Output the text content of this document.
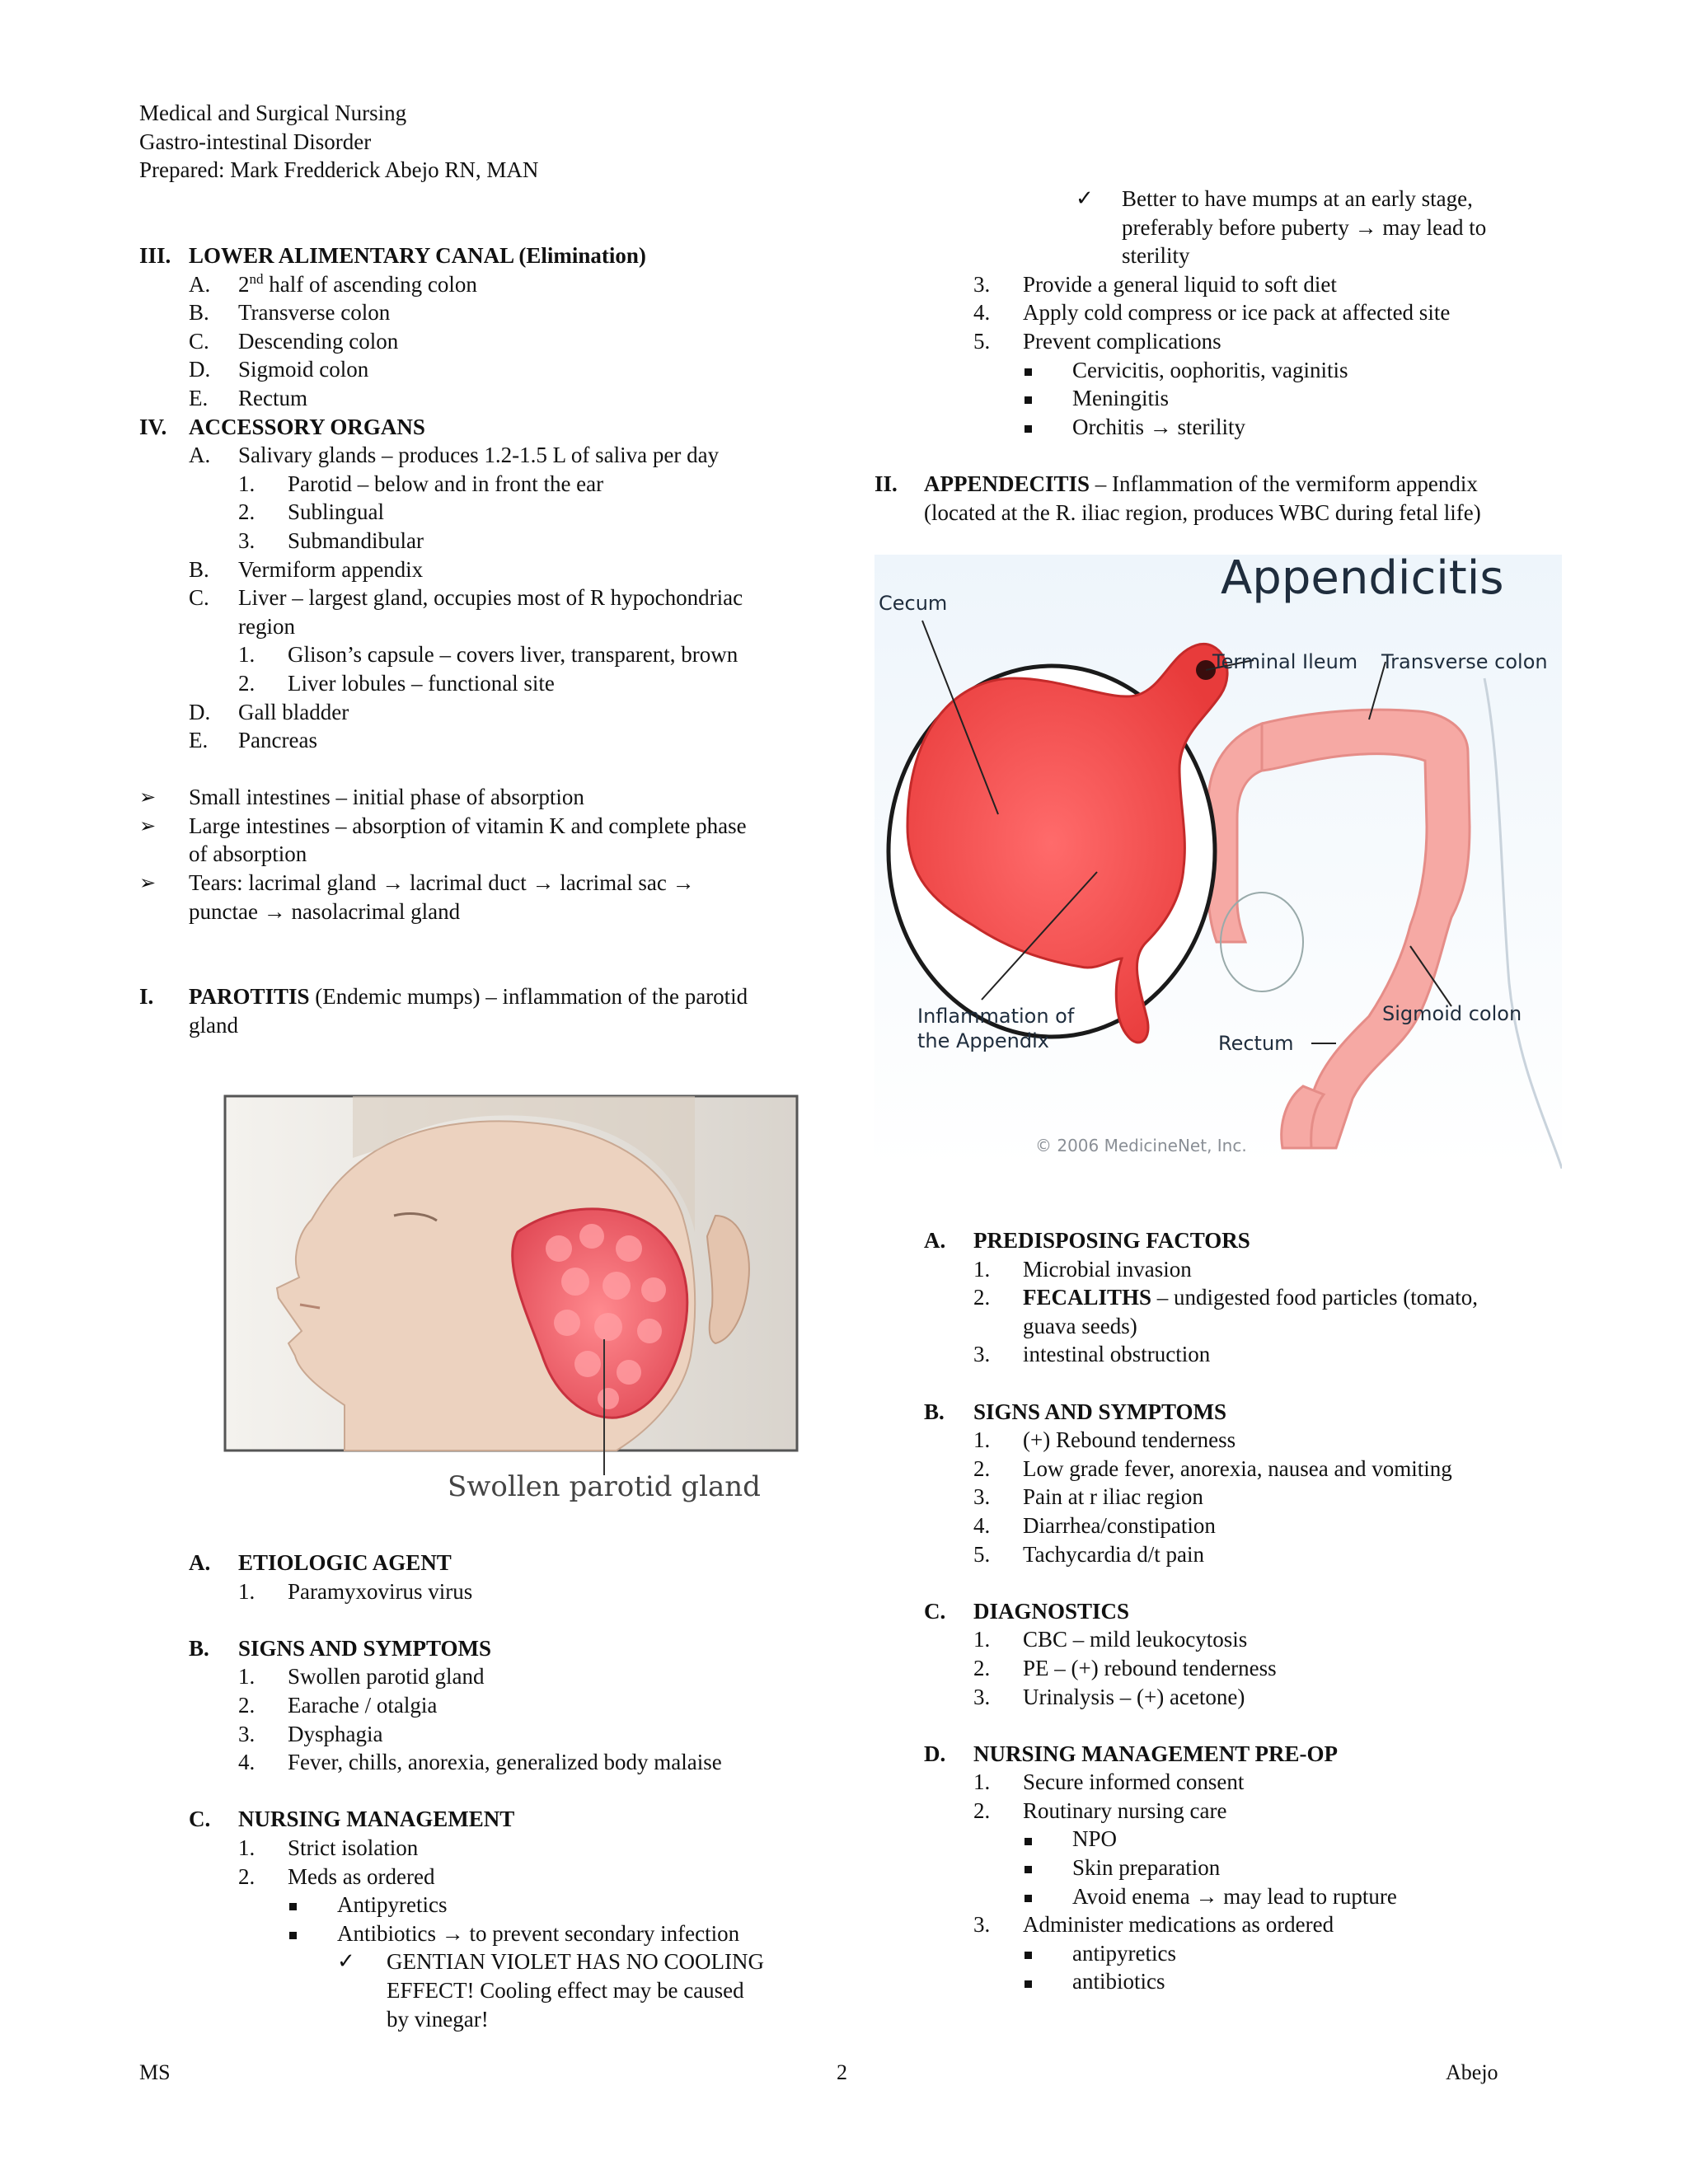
Medical and Surgical Nursing
Gastro-intestinal Disorder
Prepared: Mark Fredderick Abejo RN, MAN
III. LOWER ALIMENTARY CANAL (Elimination)
A. 2nd half of ascending colon
B. Transverse colon
C. Descending colon
D. Sigmoid colon
E. Rectum
IV. ACCESSORY ORGANS
A. Salivary glands – produces 1.2-1.5 L of saliva per day
1. Parotid – below and in front the ear
2. Sublingual
3. Submandibular
B. Vermiform appendix
C. Liver – largest gland, occupies most of R hypochondriac
region
1. Glison’s capsule – covers liver, transparent, brown
2. Liver lobules – functional site
D. Gall bladder
E. Pancreas
➢ Small intestines – initial phase of absorption
➢ Large intestines – absorption of vitamin K and complete phase
of absorption
➢ Tears: lacrimal gland → lacrimal duct → lacrimal sac →
punctae → nasolacrimal gland
I. PAROTITIS (Endemic mumps) – inflammation of the parotid
gland
Swollen parotid gland
A. ETIOLOGIC AGENT
1. Paramyxovirus virus
B. SIGNS AND SYMPTOMS
1. Swollen parotid gland
2. Earache / otalgia
3. Dysphagia
4. Fever, chills, anorexia, generalized body malaise
C. NURSING MANAGEMENT
1. Strict isolation
2. Meds as ordered
Antipyretics
Antibiotics → to prevent secondary infection
✓ GENTIAN VIOLET HAS NO COOLING
EFFECT! Cooling effect may be caused
by vinegar!
✓ Better to have mumps at an early stage,
preferably before puberty → may lead to
sterility
3. Provide a general liquid to soft diet
4. Apply cold compress or ice pack at affected site
5. Prevent complications
Cervicitis, oophoritis, vaginitis
Meningitis
Orchitis → sterility
II. APPENDECITIS – Inflammation of the vermiform appendix
(located at the R. iliac region, produces WBC during fetal life)
Appendicitis
Cecum
Terminal Ileum Transverse colon
Inflammation of
the Appendix	Rectum
Sigmoid colon
© 2006 MedicineNet, Inc.
A. PREDISPOSING FACTORS
1. Microbial invasion
2. FECALITHS – undigested food particles (tomato,
guava seeds)
3. intestinal obstruction
B. SIGNS AND SYMPTOMS
1. (+) Rebound tenderness
2. Low grade fever, anorexia, nausea and vomiting
3. Pain at r iliac region
4. Diarrhea/constipation
5. Tachycardia d/t pain
C. DIAGNOSTICS
1. CBC – mild leukocytosis
2. PE – (+) rebound tenderness
3. Urinalysis – (+) acetone)
D. NURSING MANAGEMENT PRE-OP
1. Secure informed consent
2. Routinary nursing care
NPO
Skin preparation
Avoid enema → may lead to rupture
3. Administer medications as ordered
antipyretics
antibiotics
MS	2	Abejo
